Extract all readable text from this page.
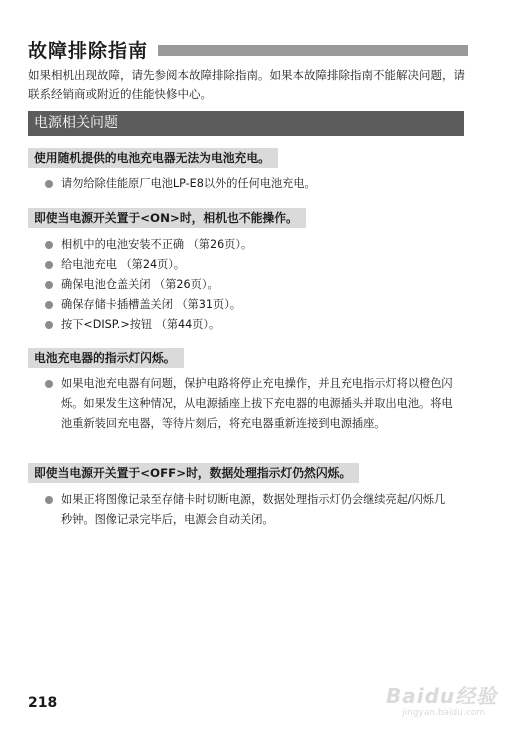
故障排除指南

如果相机出现故障，请先参阅本故障排除指南。如果本故障排除指南不能解决问题，请联系经销商或附近的佳能快修中心。

电源相关问题
使用随机提供的电池充电器无法为电池充电。
请勿给除佳能原厂电池LP-E8以外的任何电池充电。
即使当电源开关置于<ON>时，相机也不能操作。
相机中的电池安装不正确 （第26页）。
给电池充电 （第24页）。
确保电池仓盖关闭 （第26页）。
确保存储卡插槽盖关闭 （第31页）。
按下<DISP.>按钮 （第44页）。
电池充电器的指示灯闪烁。
如果电池充电器有问题，保护电路将停止充电操作，并且充电指示灯将以橙色闪烁。如果发生这种情况，从电源插座上拔下充电器的电源插头并取出电池。将电池重新装回充电器，等待片刻后，将充电器重新连接到电源插座。
即使当电源开关置于<OFF>时，数据处理指示灯仍然闪烁。
如果正将图像记录至存储卡时切断电源，数据处理指示灯仍会继续亮起/闪烁几秒钟。图像记录完毕后，电源会自动关闭。
218	Baidu经验
jingyan.baidu.com
